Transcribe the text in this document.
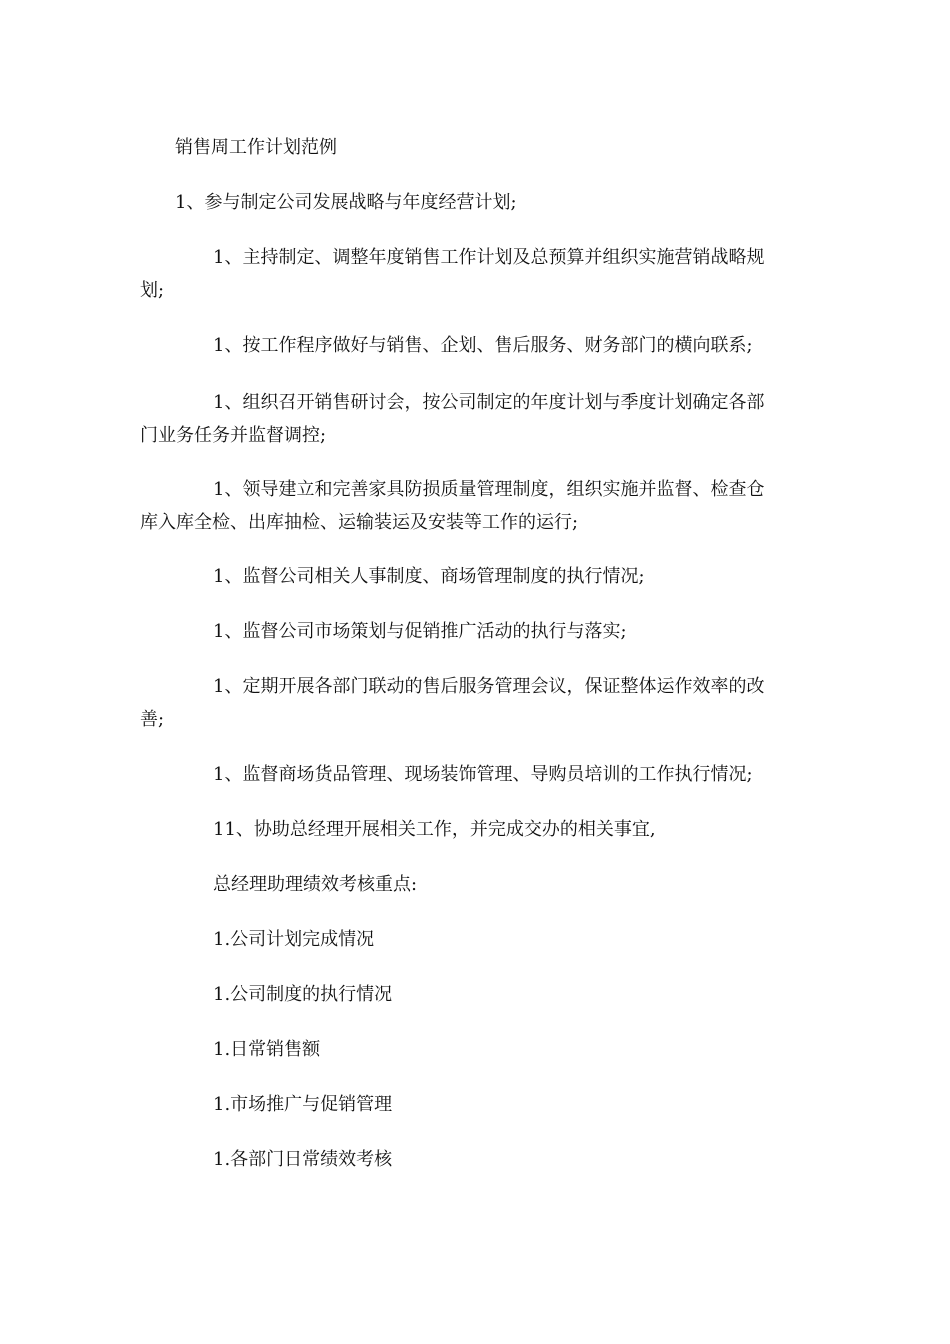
销售周工作计划范例
1、参与制定公司发展战略与年度经营计划;
1、主持制定、调整年度销售工作计划及总预算并组织实施营销战略规
划;
1、按工作程序做好与销售、企划、售后服务、财务部门的横向联系;
1、组织召开销售研讨会，按公司制定的年度计划与季度计划确定各部
门业务任务并监督调控;
1、领导建立和完善家具防损质量管理制度，组织实施并监督、检查仓
库入库全检、出库抽检、运输装运及安装等工作的运行;
1、监督公司相关人事制度、商场管理制度的执行情况;
1、监督公司市场策划与促销推广活动的执行与落实;
1、定期开展各部门联动的售后服务管理会议，保证整体运作效率的改
善;
1、监督商场货品管理、现场装饰管理、导购员培训的工作执行情况;
11、协助总经理开展相关工作，并完成交办的相关事宜,
总经理助理绩效考核重点:
1.公司计划完成情况
1.公司制度的执行情况
1.日常销售额
1.市场推广与促销管理
1.各部门日常绩效考核
